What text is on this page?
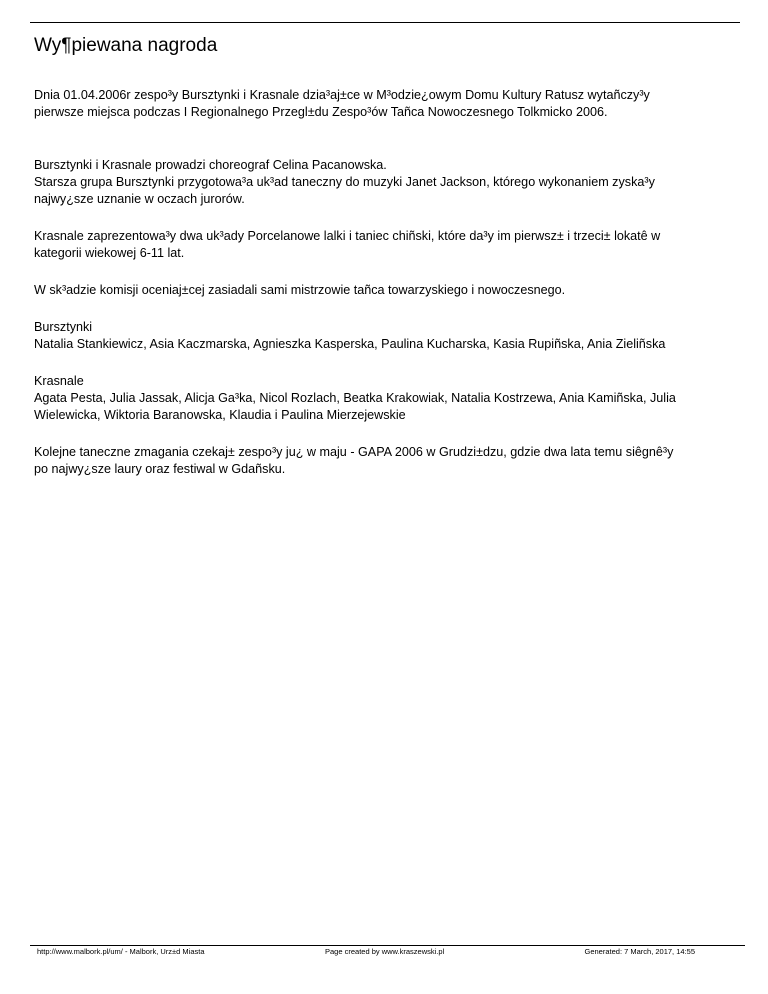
Wy¶piewana nagroda

Dnia 01.04.2006r zespo³y Bursztynki i Krasnale dzia³aj±ce w M³odzie¿owym Domu Kultury Ratusz wytañczy³y
pierwsze miejsca podczas I Regionalnego Przegl±du Zespo³ów Tañca Nowoczesnego Tolkmicko 2006.

Bursztynki i Krasnale prowadzi choreograf Celina Pacanowska.
Starsza grupa Bursztynki przygotowa³a uk³ad taneczny do muzyki Janet Jackson, którego wykonaniem zyska³y
najwy¿sze uznanie w oczach jurorów.

Krasnale zaprezentowa³y dwa uk³ady Porcelanowe lalki i taniec chiñski, które da³y im pierwsz± i trzeci± lokatê w
kategorii wiekowej 6-11 lat.

W sk³adzie komisji oceniaj±cej zasiadali sami mistrzowie tañca towarzyskiego i nowoczesnego.

Bursztynki
Natalia Stankiewicz, Asia Kaczmarska, Agnieszka Kasperska, Paulina Kucharska, Kasia Rupiñska, Ania Zieliñska

Krasnale
Agata Pesta, Julia Jassak, Alicja Ga³ka, Nicol Rozlach, Beatka Krakowiak, Natalia Kostrzewa, Ania Kamiñska, Julia
Wielewicka, Wiktoria Baranowska, Klaudia i Paulina Mierzejewskie

Kolejne taneczne zmagania czekaj± zespo³y ju¿ w maju - GAPA 2006 w Grudzi±dzu, gdzie dwa lata temu siêgnê³y
po najwy¿sze laury oraz festiwal w Gdañsku.

http://www.malbork.pl/um/ - Malbork, Urz±d Miasta	Page created by www.kraszewski.pl	Generated: 7 March, 2017, 14:55
